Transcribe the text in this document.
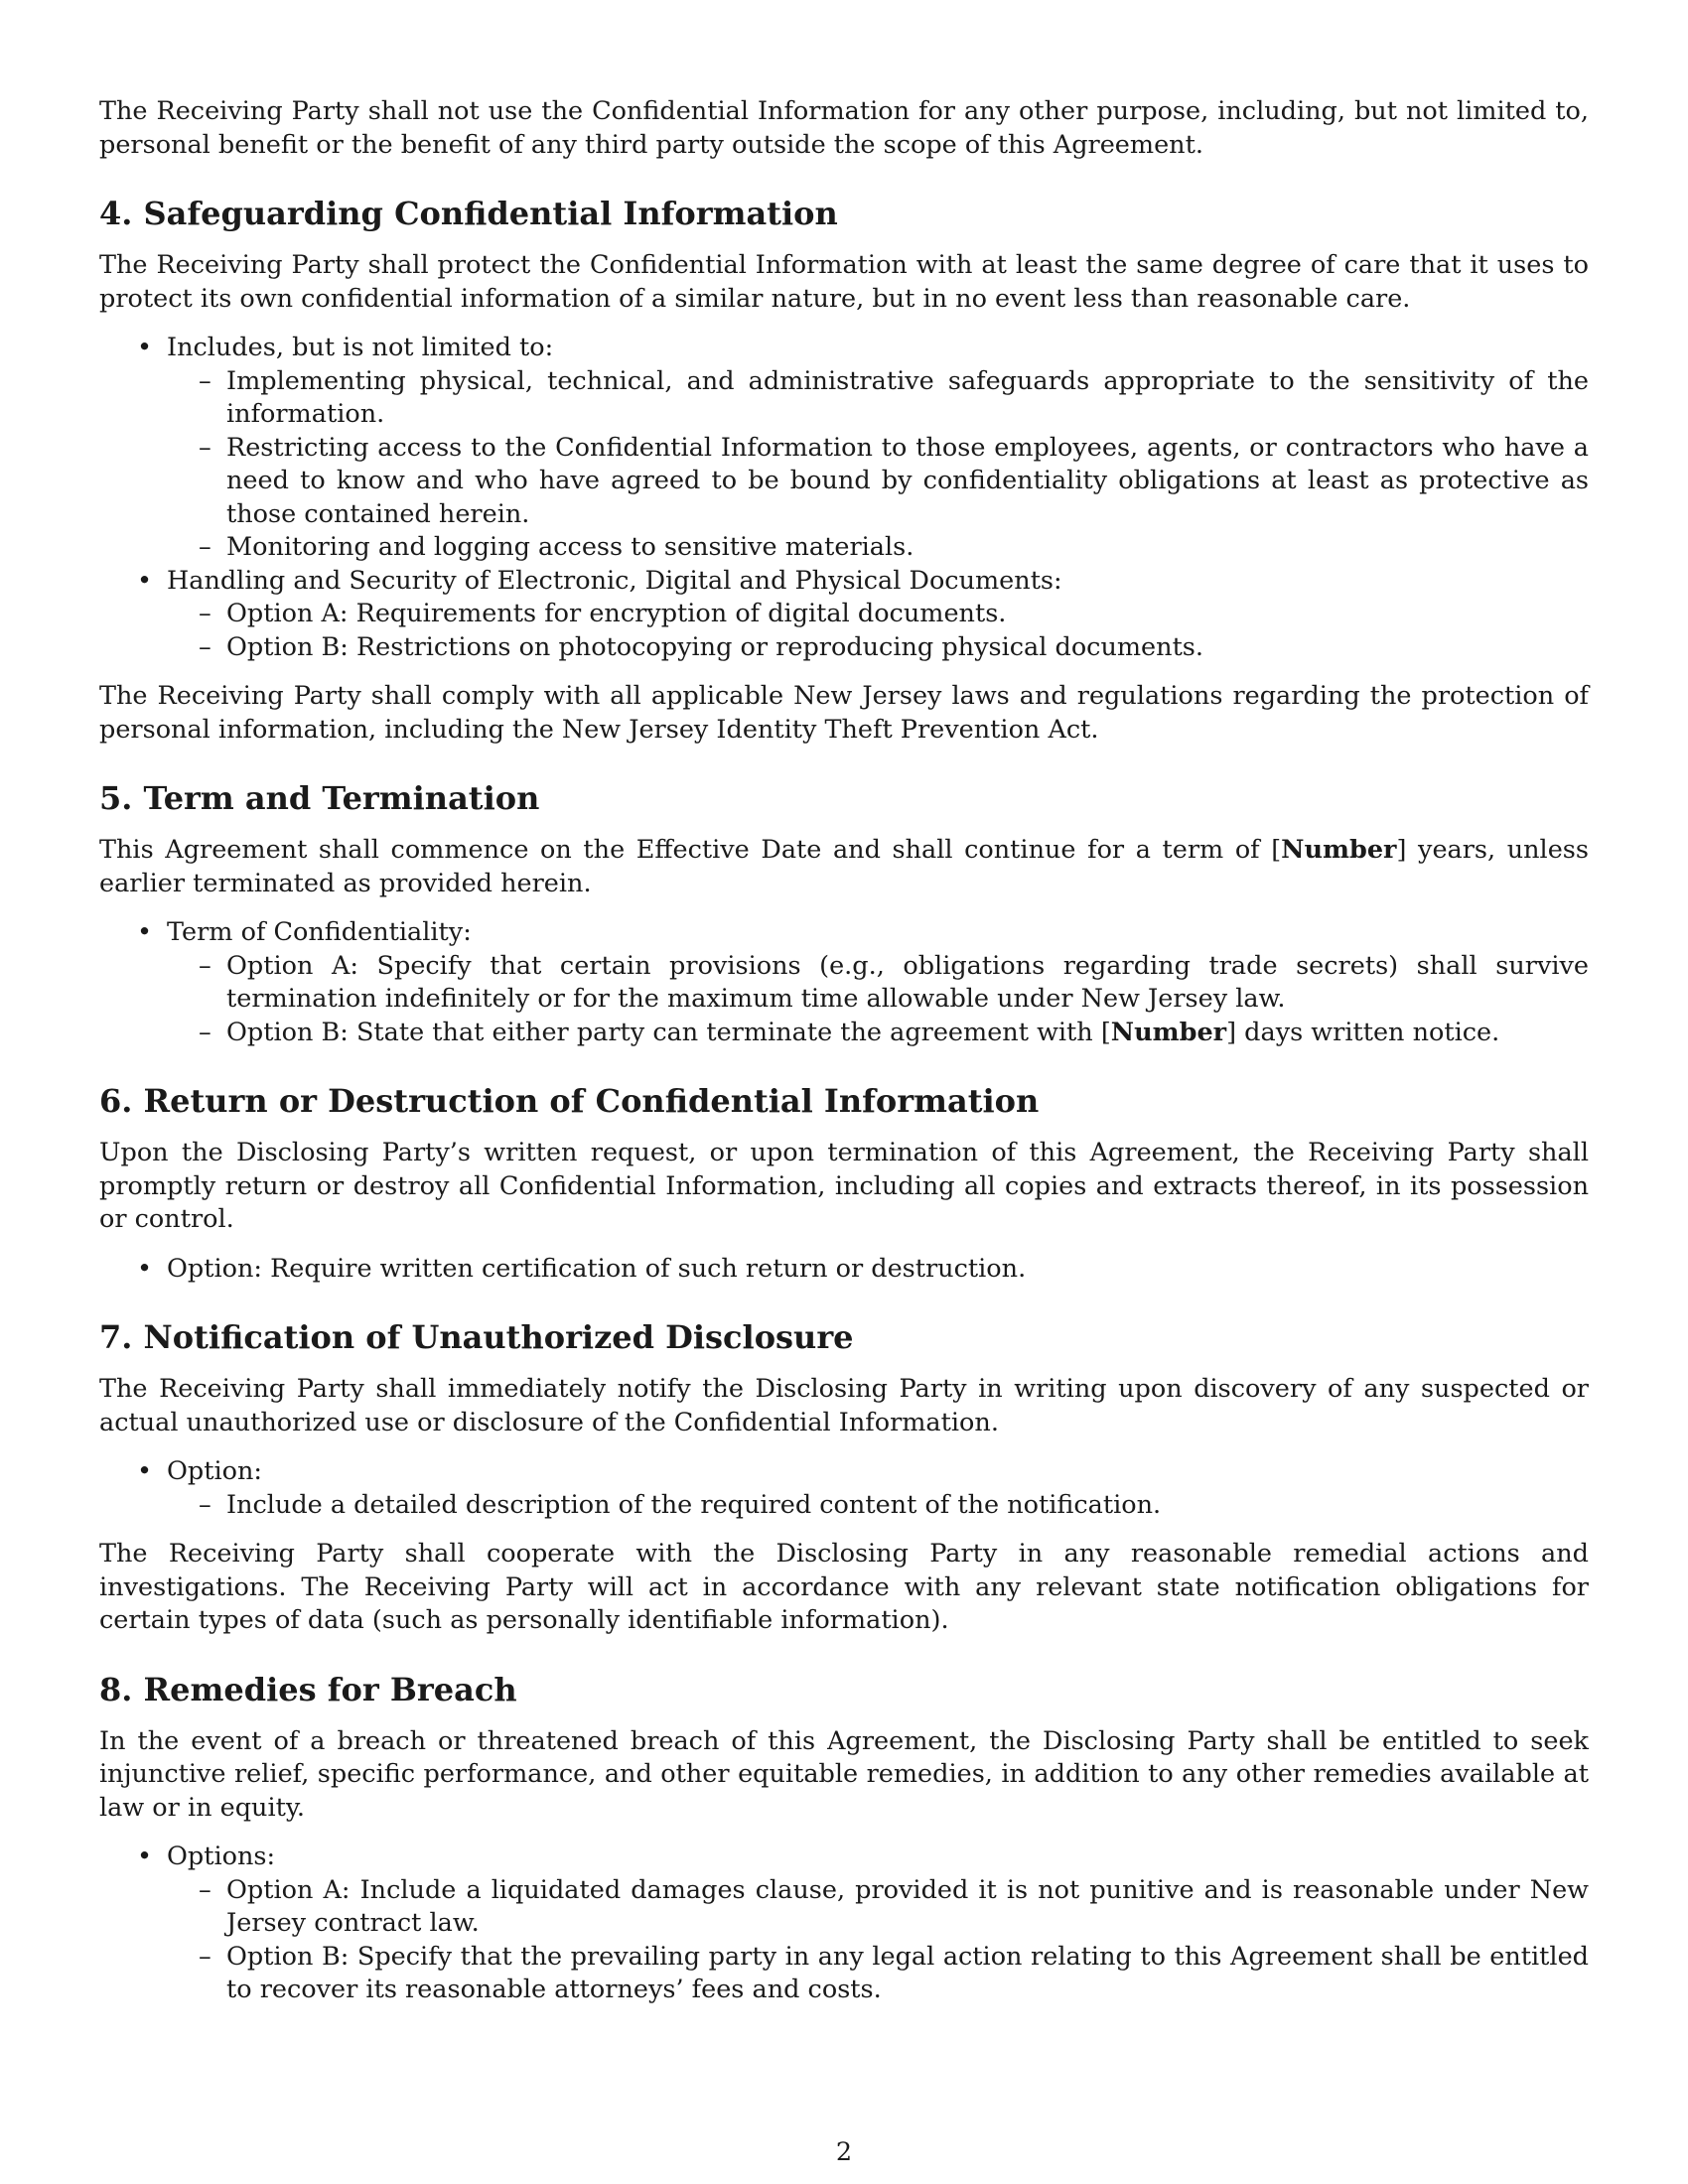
The Receiving Party shall not use the Confidential Information for any other purpose, including, but not limited to, personal benefit or the benefit of any third party outside the scope of this Agreement.

4. Safeguarding Confidential Information

The Receiving Party shall protect the Confidential Information with at least the same degree of care that it uses to protect its own confidential information of a similar nature, but in no event less than reasonable care.

• Includes, but is not limited to:
– Implementing physical, technical, and administrative safeguards appropriate to the sensitivity of the information.
– Restricting access to the Confidential Information to those employees, agents, or contractors who have a need to know and who have agreed to be bound by confidentiality obligations at least as protective as those contained herein.
– Monitoring and logging access to sensitive materials.
• Handling and Security of Electronic, Digital and Physical Documents:
– Option A: Requirements for encryption of digital documents.
– Option B: Restrictions on photocopying or reproducing physical documents.

The Receiving Party shall comply with all applicable New Jersey laws and regulations regarding the protection of personal information, including the New Jersey Identity Theft Prevention Act.

5. Term and Termination

This Agreement shall commence on the Effective Date and shall continue for a term of [Number] years, unless earlier terminated as provided herein.

• Term of Confidentiality:
– Option A: Specify that certain provisions (e.g., obligations regarding trade secrets) shall survive termination indefinitely or for the maximum time allowable under New Jersey law.
– Option B: State that either party can terminate the agreement with [Number] days written notice.
6. Return or Destruction of Confidential Information

Upon the Disclosing Party’s written request, or upon termination of this Agreement, the Receiving Party shall promptly return or destroy all Confidential Information, including all copies and extracts thereof, in its possession or control.

• Option: Require written certification of such return or destruction.
7. Notification of Unauthorized Disclosure

The Receiving Party shall immediately notify the Disclosing Party in writing upon discovery of any suspected or actual unauthorized use or disclosure of the Confidential Information.

• Option:
– Include a detailed description of the required content of the notification.

The Receiving Party shall cooperate with the Disclosing Party in any reasonable remedial actions and investigations. The Receiving Party will act in accordance with any relevant state notification obligations for certain types of data (such as personally identifiable information).

8. Remedies for Breach

In the event of a breach or threatened breach of this Agreement, the Disclosing Party shall be entitled to seek injunctive relief, specific performance, and other equitable remedies, in addition to any other remedies available at law or in equity.

• Options:
– Option A: Include a liquidated damages clause, provided it is not punitive and is reasonable under New Jersey contract law.
– Option B: Specify that the prevailing party in any legal action relating to this Agreement shall be entitled to recover its reasonable attorneys’ fees and costs.
2
